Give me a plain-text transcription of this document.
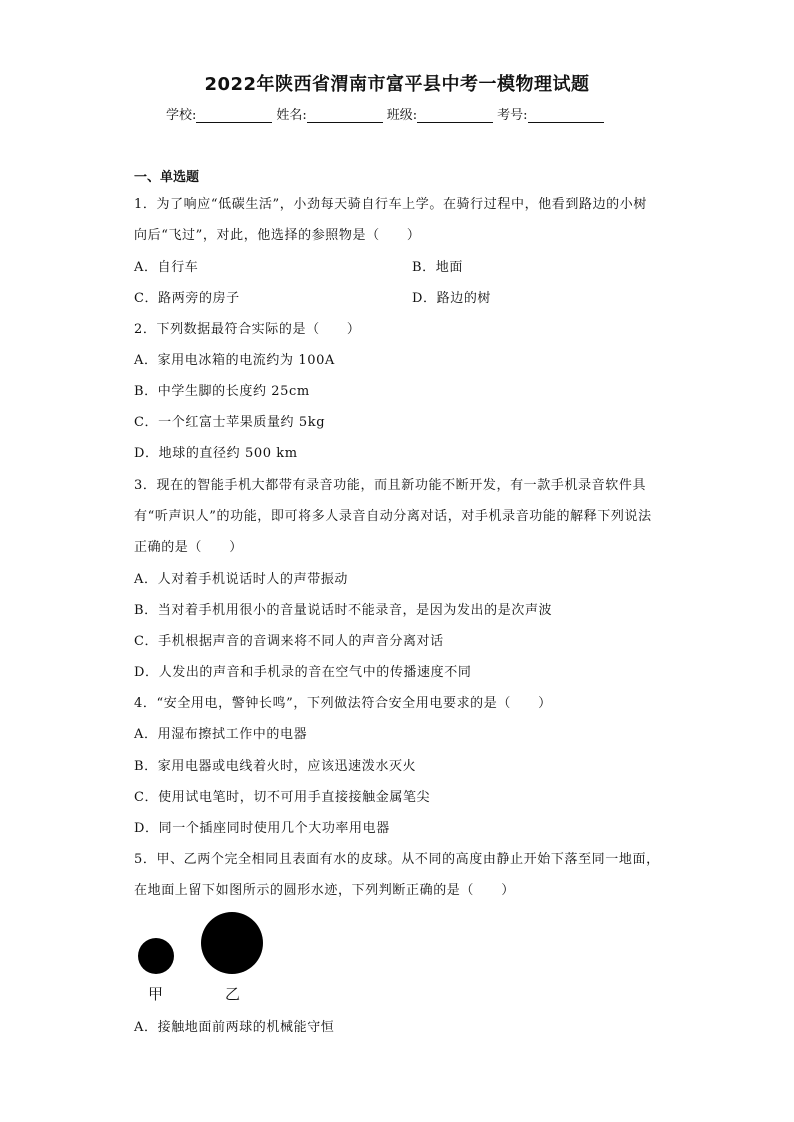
2022年陕西省渭南市富平县中考一模物理试题
学校:	姓名:	班级:	考号:
一、单选题
1．为了响应“低碳生活”，小劲每天骑自行车上学。在骑行过程中，他看到路边的小树
向后“飞过”，对此，他选择的参照物是（　　）
A．自行车	B．地面
C．路两旁的房子	D．路边的树
2．下列数据最符合实际的是（　　）
A．家用电冰箱的电流约为 100A
B．中学生脚的长度约 25cm
C．一个红富士苹果质量约 5kg
D．地球的直径约 500 km
3．现在的智能手机大都带有录音功能，而且新功能不断开发，有一款手机录音软件具
有“听声识人”的功能，即可将多人录音自动分离对话，对手机录音功能的解释下列说法
正确的是（　　）
A．人对着手机说话时人的声带振动
B．当对着手机用很小的音量说话时不能录音，是因为发出的是次声波
C．手机根据声音的音调来将不同人的声音分离对话
D．人发出的声音和手机录的音在空气中的传播速度不同
4．“安全用电，警钟长鸣”，下列做法符合安全用电要求的是（　　）
A．用湿布擦拭工作中的电器
B．家用电器或电线着火时，应该迅速泼水灭火
C．使用试电笔时，切不可用手直接接触金属笔尖
D．同一个插座同时使用几个大功率用电器
5．甲、乙两个完全相同且表面有水的皮球。从不同的高度由静止开始下落至同一地面，
在地面上留下如图所示的圆形水迹，下列判断正确的是（　　）
甲	乙
A．接触地面前两球的机械能守恒
